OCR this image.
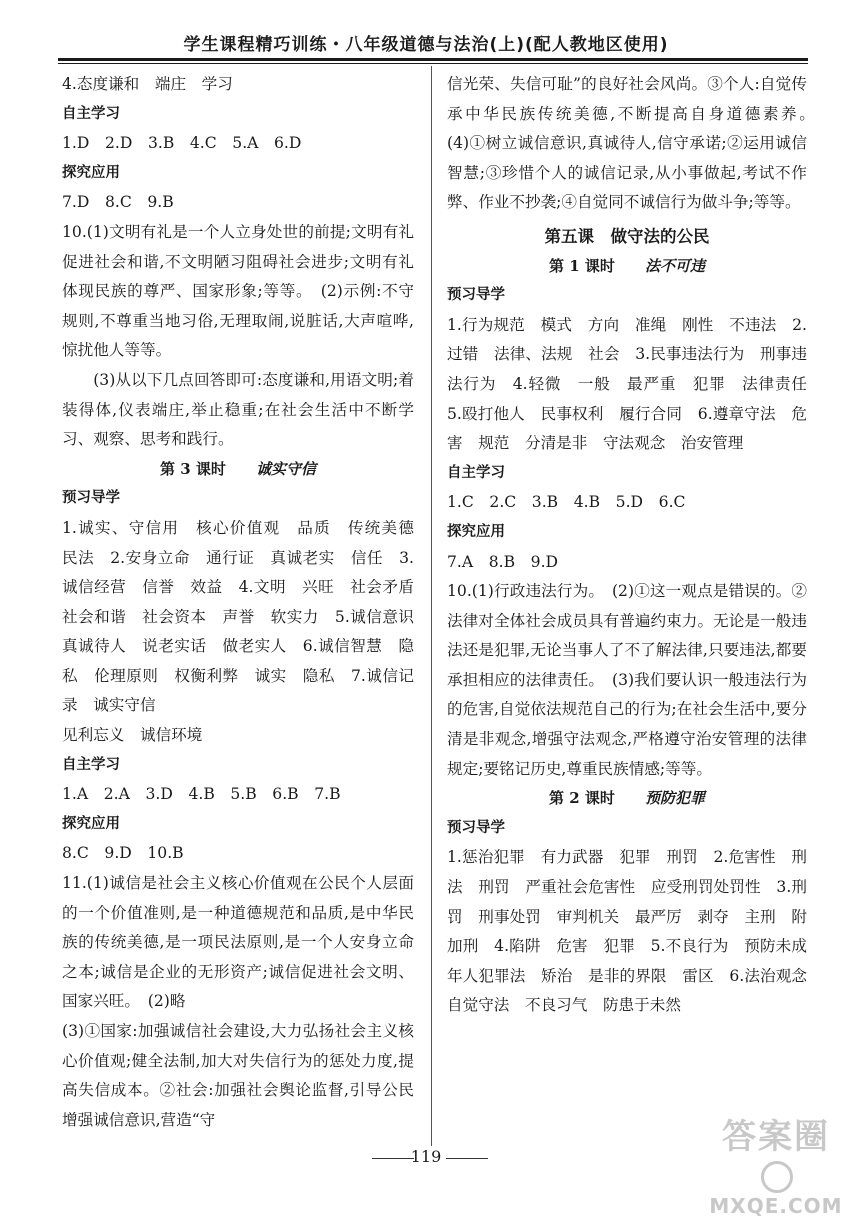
学生课程精巧训练・八年级道德与法治(上)(配人教地区使用)

4.态度谦和　端庄　学习

自主学习

1.D　2.D　3.B　4.C　5.A　6.D

探究应用

7.D　8.C　9.B

10.(1)文明有礼是一个人立身处世的前提;文明有礼促进社会和谐,不文明陋习阻碍社会进步;文明有礼体现民族的尊严、国家形象;等等。　(2)示例:不守规则,不尊重当地习俗,无理取闹,说脏话,大声喧哗,惊扰他人等等。

(3)从以下几点回答即可:态度谦和,用语文明;着装得体,仪表端庄,举止稳重;在社会生活中不断学习、观察、思考和践行。

第 3 课时　　 诚实守信

预习导学

1.诚实、守信用　核心价值观　品质　传统美德　民法　2.安身立命　通行证　真诚老实　信任　3.诚信经营　信誉　效益　4.文明　兴旺　社会矛盾　社会和谐　社会资本　声誉　软实力　5.诚信意识　真诚待人　说老实话　做老实人　6.诚信智慧　隐私　伦理原则　权衡利弊　诚实　隐私　7.诚信记录　诚实守信

见利忘义　诚信环境

自主学习

1.A　2.A　3.D　4.B　5.B　6.B　7.B

探究应用

8.C　9.D　10.B

11.(1)诚信是社会主义核心价值观在公民个人层面的一个价值准则,是一种道德规范和品质,是中华民族的传统美德,是一项民法原则,是一个人安身立命之本;诚信是企业的无形资产;诚信促进社会文明、国家兴旺。　(2)略

(3)①国家:加强诚信社会建设,大力弘扬社会主义核心价值观;健全法制,加大对失信行为的惩处力度,提高失信成本。②社会:加强社会舆论监督,引导公民增强诚信意识,营造“守

信光荣、失信可耻”的良好社会风尚。③个人:自觉传承中华民族传统美德,不断提高自身道德素养。　(4)①树立诚信意识,真诚待人,信守承诺;②运用诚信智慧;③珍惜个人的诚信记录,从小事做起,考试不作弊、作业不抄袭;④自觉同不诚信行为做斗争;等等。

第五课　做守法的公民

第 1 课时　　 法不可违

预习导学

1.行为规范　模式　方向　准绳　刚性　不违法　2.过错　法律、法规　社会　3.民事违法行为　刑事违法行为　4.轻微　一般　最严重　犯罪　法律责任　5.殴打他人　民事权利　履行合同　6.遵章守法　危害　规范　分清是非　守法观念　治安管理

自主学习

1.C　2.C　3.B　4.B　5.D　6.C

探究应用

7.A　8.B　9.D

10.(1)行政违法行为。　(2)①这一观点是错误的。②法律对全体社会成员具有普遍约束力。无论是一般违法还是犯罪,无论当事人了不了解法律,只要违法,都要承担相应的法律责任。　(3)我们要认识一般违法行为的危害,自觉依法规范自己的行为;在社会生活中,要分清是非观念,增强守法观念,严格遵守治安管理的法律规定;要铭记历史,尊重民族情感;等等。

第 2 课时　　 预防犯罪

预习导学

1.惩治犯罪　有力武器　犯罪　刑罚　2.危害性　刑法　刑罚　严重社会危害性　应受刑罚处罚性　3.刑罚　刑事处罚　审判机关　最严厉　剥夺　主刑　附加刑　4.陷阱　危害　犯罪　5.不良行为　预防未成年人犯罪法　矫治　是非的界限　雷区　6.法治观念　自觉守法　不良习气　防患于未然

119	答案圈
MXQE.COM
